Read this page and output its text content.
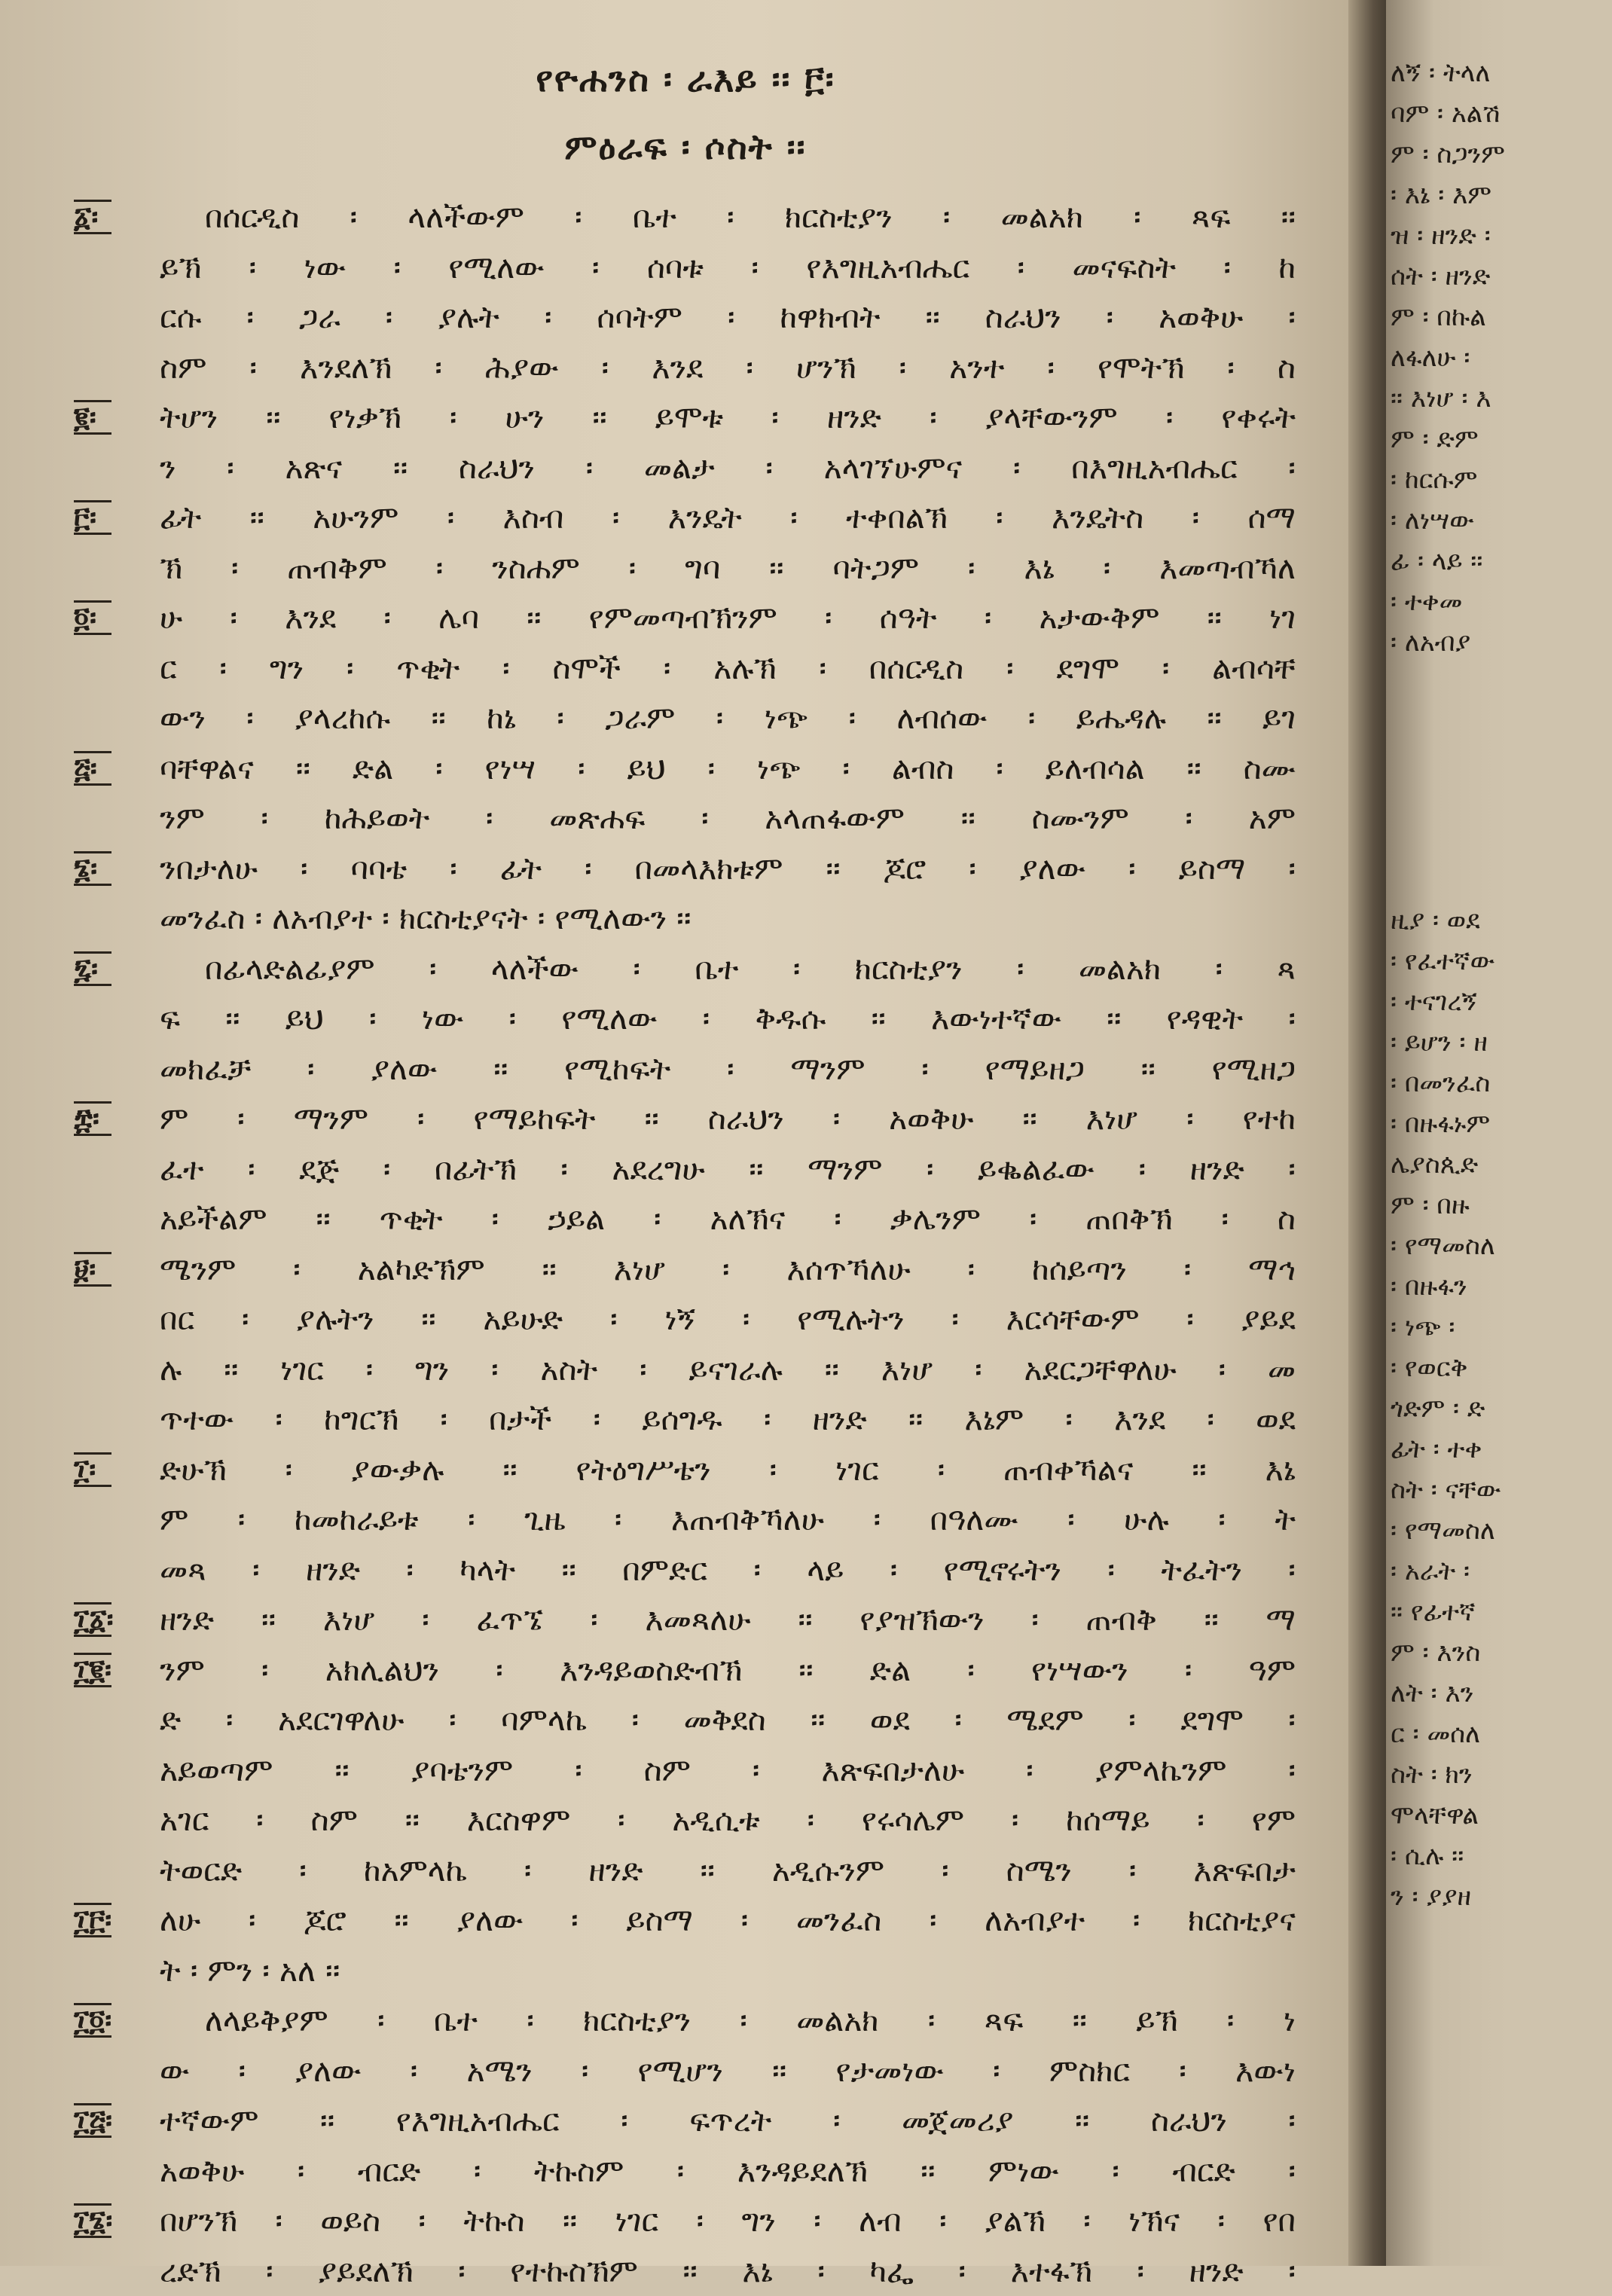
የዮሐንስ ፡ ራእይ ፡፡ ፫፡
ምዕራፍ ፡ ሶስት ፡፡
፩፡	በሰርዲስ ፡ ላለችውም ፡ ቤተ ፡ ክርስቲያን ፡ መልአክ ፡ ጻፍ ፡፡
ይኽ ፡ ነው ፡ የሚለው ፡ ሰባቱ ፡ የእግዚአብሔር ፡ መናፍስት ፡ ከ
ርሱ ፡ ጋራ ፡ ያሉት ፡ ሰባትም ፡ ከዋክብት ፡፡ ስራህን ፡ አወቅሁ ፡
ስም ፡ እንደለኽ ፡ ሕያው ፡ እንደ ፡ ሆንኽ ፡ አንተ ፡ የሞትኽ ፡ ስ
፪፡	ትሆን ፡፡ የነቃኽ ፡ ሁን ፡፡ ይሞቱ ፡ ዘንድ ፡ ያላቸውንም ፡ የቀሩት
ን ፡ አጽና ፡፡ ስራህን ፡ መልታ ፡ አላገኘሁምና ፡ በእግዚአብሔር ፡
፫፡	ፊት ፡፡ አሁንም ፡ እስብ ፡ እንዴት ፡ ተቀበልኽ ፡ እንዴትስ ፡ ሰማ
ኽ ፡ ጠብቅም ፡ ንስሐም ፡ ግባ ፡፡ ባትጋም ፡ እኔ ፡ እመጣብኻለ
፬፡	ሁ ፡ እንደ ፡ ሌባ ፡፡ የምመጣብኽንም ፡ ሰዓት ፡ አታውቅም ፡፡ ነገ
ር ፡ ግን ፡ ጥቂት ፡ ስሞች ፡ አሉኽ ፡ በሰርዲስ ፡ ደግሞ ፡ ልብሳቸ
ውን ፡ ያላረከሱ ፡፡ ከኔ ፡ ጋራም ፡ ነጭ ፡ ለብሰው ፡ ይሔዳሉ ፡፡ ይገ
፭፡	ባቸዋልና ፡፡ ድል ፡ የነሣ ፡ ይህ ፡ ነጭ ፡ ልብስ ፡ ይለብሳል ፡፡ ስሙ
ንም ፡ ከሕይወት ፡ መጽሐፍ ፡ አላጠፋውም ፡፡ ስሙንም ፡ አም
፮፡	ንበታለሁ ፡ ባባቴ ፡ ፊት ፡ በመላእክቱም ፡፡ ጆሮ ፡ ያለው ፡ ይስማ ፡
መንፈስ ፡ ለአብያተ ፡ ክርስቲያናት ፡ የሚለውን ፡፡
፯፡	በፊላድልፊያም ፡ ላለችው ፡ ቤተ ፡ ክርስቲያን ፡ መልአክ ፡ ጻ
ፍ ፡፡ ይህ ፡ ነው ፡ የሚለው ፡ ቅዱሱ ፡፡ እውነተኛው ፡፡ የዳዊት ፡
መክፈቻ ፡ ያለው ፡፡ የሚከፍት ፡ ማንም ፡ የማይዘጋ ፡፡ የሚዘጋ
፰፡	ም ፡ ማንም ፡ የማይከፍት ፡፡ ስራህን ፡ አወቅሁ ፡፡ እነሆ ፡ የተከ
ፈተ ፡ ደጅ ፡ በፊትኽ ፡ አደረግሁ ፡፡ ማንም ፡ ይቈልፈው ፡ ዘንድ ፡
አይችልም ፡፡ ጥቂት ፡ ኃይል ፡ አለኽና ፡ ቃሌንም ፡ ጠበቅኽ ፡ ስ
፱፡	ሜንም ፡ አልካድኽም ፡፡ እነሆ ፡ እሰጥኻለሁ ፡ ከሰይጣን ፡ ማኅ
በር ፡ ያሉትን ፡፡ አይሁድ ፡ ነኝ ፡ የሚሉትን ፡ እርሳቸውም ፡ ያይደ
ሉ ፡፡ ነገር ፡ ግን ፡ አስት ፡ ይናገራሉ ፡፡ እነሆ ፡ አደርጋቸዋለሁ ፡ መ
ጥተው ፡ ከግርኽ ፡ በታች ፡ ይሰግዱ ፡ ዘንድ ፡፡ እኔም ፡ እንደ ፡ ወደ
፲፡	ድሁኽ ፡ ያውቃሉ ፡፡ የትዕግሥቴን ፡ ነገር ፡ ጠብቀኻልና ፡፡ እኔ
ም ፡ ከመከራይቱ ፡ ጊዜ ፡ እጠብቅኻለሁ ፡ በዓለሙ ፡ ሁሉ ፡ ት
መጻ ፡ ዘንድ ፡ ካላት ፡፡ በምድር ፡ ላይ ፡ የሚኖሩትን ፡ ትፈትን ፡
፲፩፡ ዘንድ ፡፡ እነሆ ፡ ፈጥኜ ፡ እመጻለሁ ፡፡ የያዝኽውን ፡ ጠብቅ ፡፡ ማ
፲፪፡ ንም ፡ አክሊልህን ፡ እንዳይወስድብኽ ፡፡ ድል ፡ የነሣውን ፡ ዓም
ድ ፡ አደርገዋለሁ ፡ ባምላኬ ፡ መቅደስ ፡፡ ወደ ፡ ሜደም ፡ ደግሞ ፡
አይወጣም ፡፡ ያባቴንም ፡ ስም ፡ እጽፍበታለሁ ፡ ያምላኬንም ፡
አገር ፡ ስም ፡፡ እርስዋም ፡ አዲሲቱ ፡ የሩሳሌም ፡ ከሰማይ ፡ የም
ትወርድ ፡ ከአምላኬ ፡ ዘንድ ፡፡ አዲሱንም ፡ ስሜን ፡ እጽፍበታ
፲፫፡ ለሁ ፡ ጆሮ ፡፡ ያለው ፡ ይስማ ፡ መንፈስ ፡ ለአብያተ ፡ ክርስቲያና
ት ፡ ምን ፡ አለ ፡፡
፲፬፡	ለላይቅያም ፡ ቤተ ፡ ክርስቲያን ፡ መልአክ ፡ ጻፍ ፡፡ ይኽ ፡ ነ
ው ፡ ያለው ፡ አሜን ፡ የሚሆን ፡፡ የታመነው ፡ ምስክር ፡ እውነ
፲፭፡ ተኛውም ፡፡ የእግዚአብሔር ፡ ፍጥረት ፡ መጀመሪያ ፡፡ ስራህን ፡
አወቅሁ ፡ ብርድ ፡ ትኩስም ፡ እንዳይደለኽ ፡፡ ምነው ፡ ብርድ ፡
፲፮፡ በሆንኽ ፡ ወይስ ፡ ትኩስ ፡፡ ነገር ፡ ግን ፡ ለብ ፡ ያልኽ ፡ ነኽና ፡ የበ
ረድኽ ፡ ያይደለኽ ፡ የተኩስኽም ፡፡ እኔ ፡ ካፌ ፡ እተፋኽ ፡ ዘንድ ፡
ለኝ ፡ ትላለ
ባም ፡ አልሽ
ም ፡ ስጋንም
፡ እኔ ፡ እም
ዝ ፡ ዘንድ ፡
ሰት ፡ ዘንድ
ም ፡ በኩል
ለፋለሁ ፡
፡፡ እነሆ ፡ እ
ም ፡ ድም
፡ ከርሱም
፡ ለነሣው
ፊ ፡ ላይ ፡፡
፡ ተቀመ
፡ ለአብያ
ዚያ ፡ ወደ
፡ የፈተኛው
፡ ተናገረኝ
፡ ይሆን ፡ ዘ
፡ በመንፈስ
፡ በዙፋኑም
ሌያስጲድ
ም ፡ በዙ
፡ የማመስለ
፡ በዙፋን
፡ ነጭ ፡
፡ የወርቅ
ጎድም ፡ ድ
ፊት ፡ ተቀ
ስት ፡ ናቸው
፡ የማመስለ
፡ አራት ፡
፡፡ የፊተኛ
ም ፡ እንስ
ለት ፡ እን
ር ፡ መሰለ
ስት ፡ ክን
ሞላቸዋል
፡ ሲሉ ፡፡
ን ፡ ያያዘ
